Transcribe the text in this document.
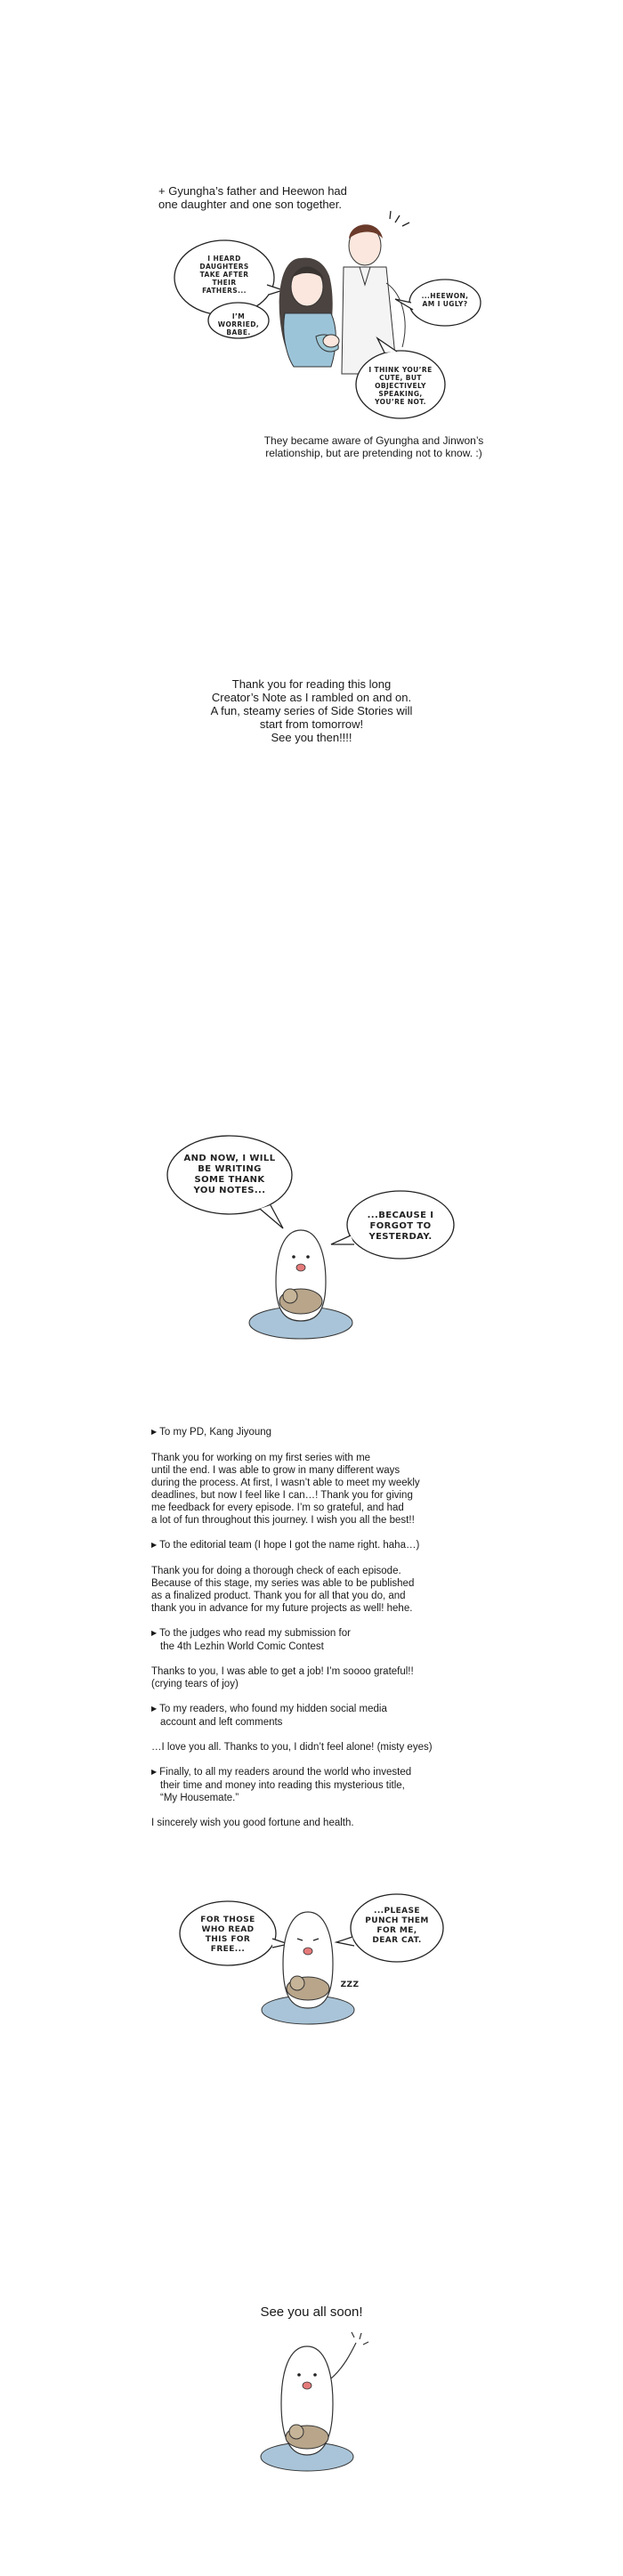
+ Gyungha’s father and Heewon had
one daughter and one son together.
I HEARD DAUGHTERS TAKE AFTER THEIR FATHERS...
I’M WORRIED, BABE.
...HEEWON, AM I UGLY?
I THINK YOU’RE CUTE, BUT OBJECTIVELY SPEAKING, YOU’RE NOT.
They became aware of Gyungha and Jinwon’s
relationship, but are pretending not to know. :)
Thank you for reading this long
Creator’s Note as I rambled on and on.
A fun, steamy series of Side Stories will
start from tomorrow!
See you then!!!!
AND NOW, I WILL BE WRITING SOME THANK YOU NOTES...
...BECAUSE I FORGOT TO YESTERDAY.

▶ To my PD, Kang Jiyoung

Thank you for working on my first series with me

until the end. I was able to grow in many different ways

during the process. At first, I wasn’t able to meet my weekly

deadlines, but now I feel like I can…! Thank you for giving

me feedback for every episode. I’m so grateful, and had

a lot of fun throughout this journey. I wish you all the best!!

▶ To the editorial team (I hope I got the name right. haha…)

Thank you for doing a thorough check of each episode.

Because of this stage, my series was able to be published

as a finalized product. Thank you for all that you do, and

thank you in advance for my future projects as well! hehe.

▶ To the judges who read my submission for

the 4th Lezhin World Comic Contest

Thanks to you, I was able to get a job! I’m soooo grateful!!

(crying tears of joy)

▶ To my readers, who found my hidden social media

account and left comments

…I love you all. Thanks to you, I didn’t feel alone! (misty eyes)

▶ Finally, to all my readers around the world who invested

their time and money into reading this mysterious title,

“My Housemate.”

I sincerely wish you good fortune and health.

FOR THOSE WHO READ THIS FOR FREE...
...PLEASE PUNCH THEM FOR ME, DEAR CAT.
ZZZ
See you all soon!
